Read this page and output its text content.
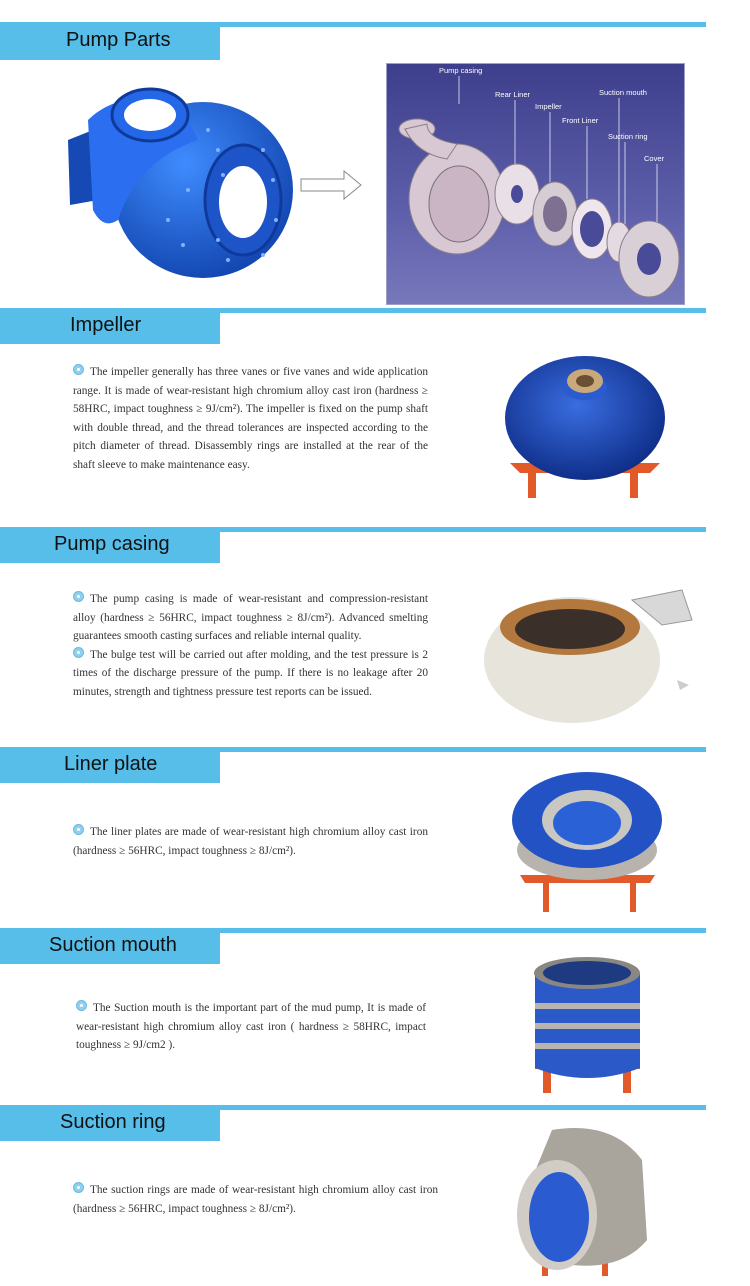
Pump Parts
Pump casing
Rear Liner
Impeller
Suction mouth
Front Liner
Suction ring
Cover
Impeller

The impeller generally has three vanes or five vanes and wide application range. It is made of wear-resistant high chromium alloy cast iron (hardness ≥ 58HRC, impact toughness ≥ 9J/cm²). The impeller is fixed on the pump shaft with double thread, and the thread tolerances are inspected according to the pitch diameter of thread. Disassembly rings are installed at the rear of the shaft sleeve to make maintenance easy.

Pump casing

The pump casing is made of wear-resistant and compression-resistant alloy (hardness ≥ 56HRC, impact toughness ≥ 8J/cm²). Advanced smelting guarantees smooth casting surfaces and reliable internal quality.

The bulge test will be carried out after molding, and the test pressure is 2 times of the discharge pressure of the pump. If there is no leakage after 20 minutes, strength and tightness pressure test reports can be issued.

Liner plate

The liner plates are made of wear-resistant high chromium alloy cast iron (hardness ≥ 56HRC, impact toughness ≥ 8J/cm²).

Suction mouth

The Suction mouth is the important part of the mud pump, It is made of wear-resistant high chromium alloy cast iron ( hardness ≥ 58HRC, impact toughness ≥ 9J/cm2 ).

Suction ring

The suction rings are made of wear-resistant high chromium alloy cast iron (hardness ≥ 56HRC, impact toughness ≥ 8J/cm²).
